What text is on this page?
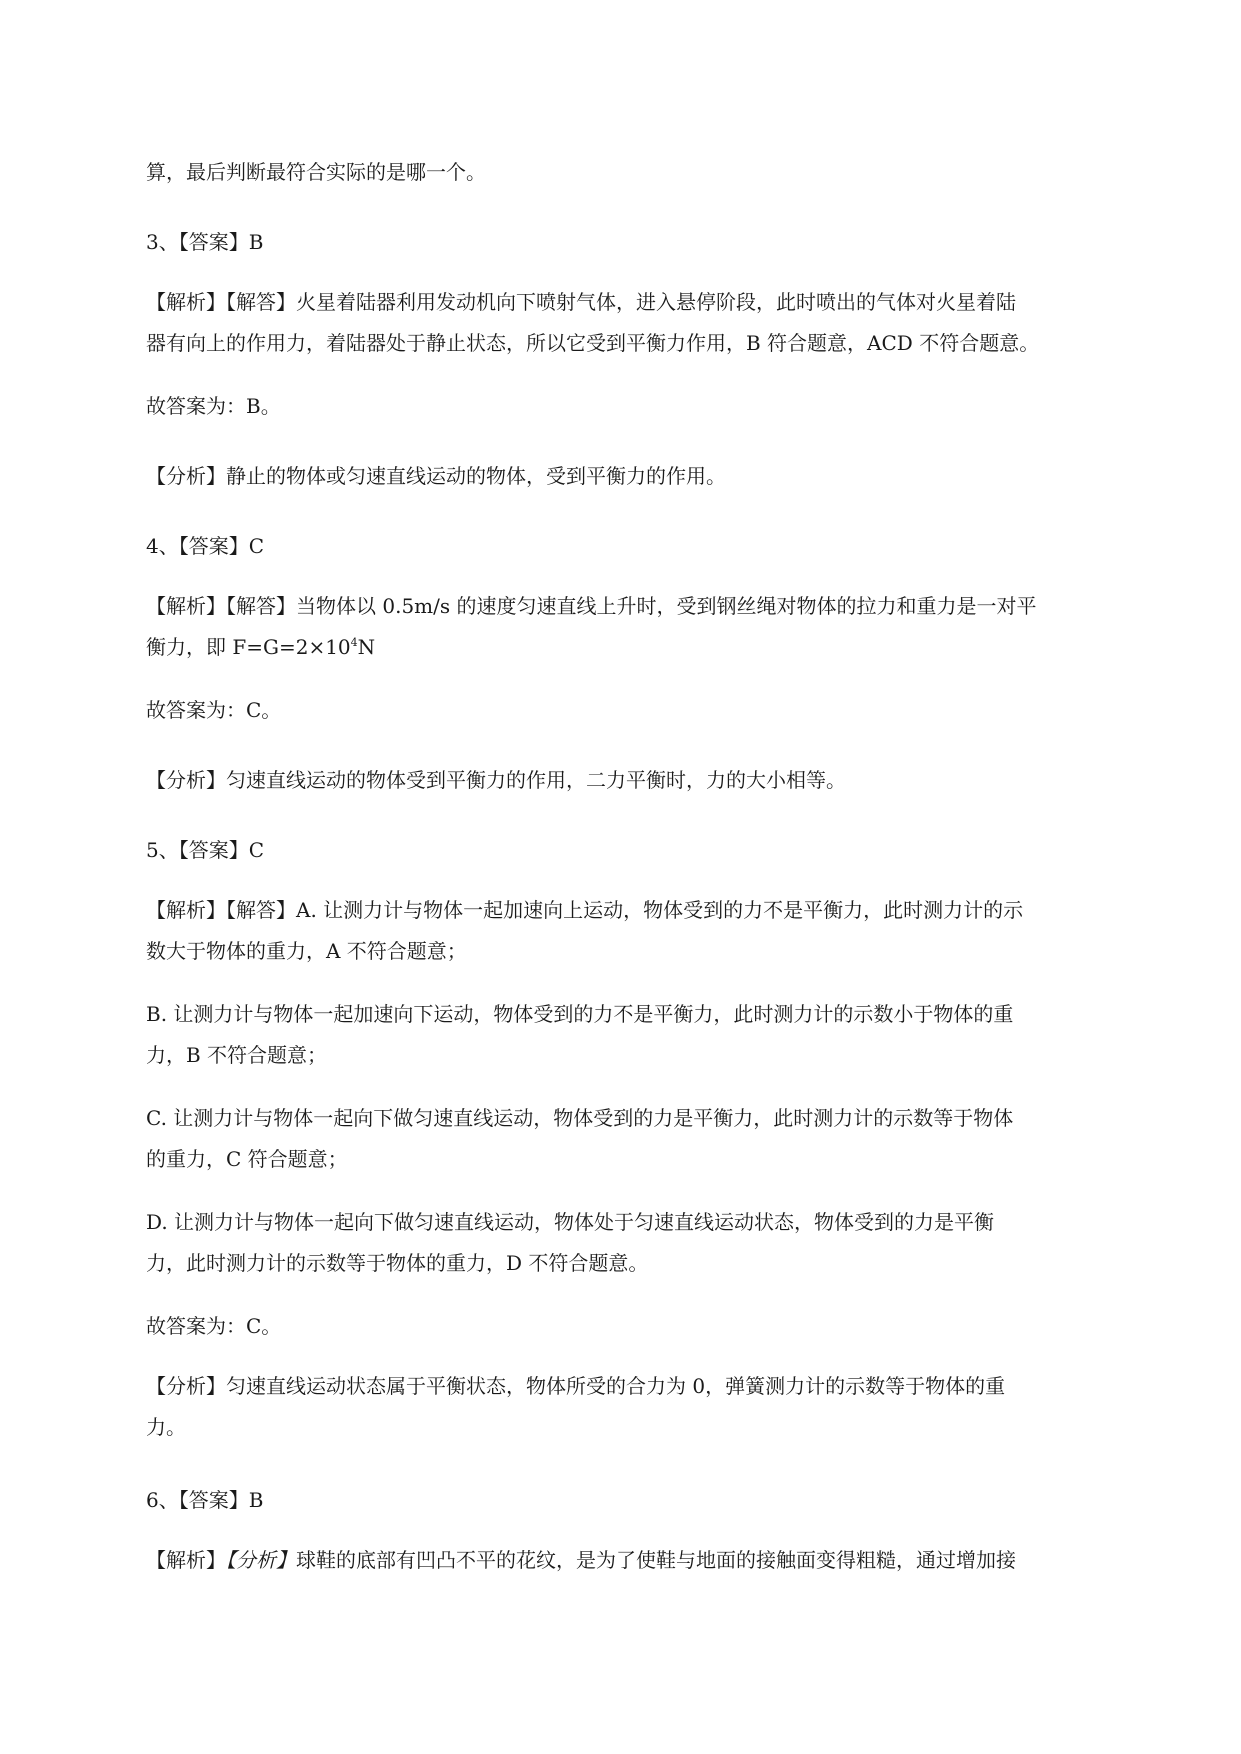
算，最后判断最符合实际的是哪一个。

3、【答案】B

【解析】【解答】火星着陆器利用发动机向下喷射气体，进入悬停阶段，此时喷出的气体对火星着陆
器有向上的作用力，着陆器处于静止状态，所以它受到平衡力作用，B 符合题意，ACD 不符合题意。

故答案为：B。

【分析】静止的物体或匀速直线运动的物体，受到平衡力的作用。

4、【答案】C

【解析】【解答】当物体以 0.5m/s 的速度匀速直线上升时，受到钢丝绳对物体的拉力和重力是一对平
衡力，即 $F=G=2\times 10^4N$

故答案为：C。

【分析】匀速直线运动的物体受到平衡力的作用，二力平衡时，力的大小相等。

5、【答案】C

【解析】【解答】A. 让测力计与物体一起加速向上运动，物体受到的力不是平衡力，此时测力计的示
数大于物体的重力，A 不符合题意；

B. 让测力计与物体一起加速向下运动，物体受到的力不是平衡力，此时测力计的示数小于物体的重
力，B 不符合题意；

C. 让测力计与物体一起向下做匀速直线运动，物体受到的力是平衡力，此时测力计的示数等于物体
的重力，C 符合题意；

D. 让测力计与物体一起向下做匀速直线运动，物体处于匀速直线运动状态，物体受到的力是平衡
力，此时测力计的示数等于物体的重力，D 不符合题意。

故答案为：C。

【分析】匀速直线运动状态属于平衡状态，物体所受的合力为 0，弹簧测力计的示数等于物体的重
力。

6、【答案】B

【解析】【分析】球鞋的底部有凹凸不平的花纹，是为了使鞋与地面的接触面变得粗糙，通过增加接
